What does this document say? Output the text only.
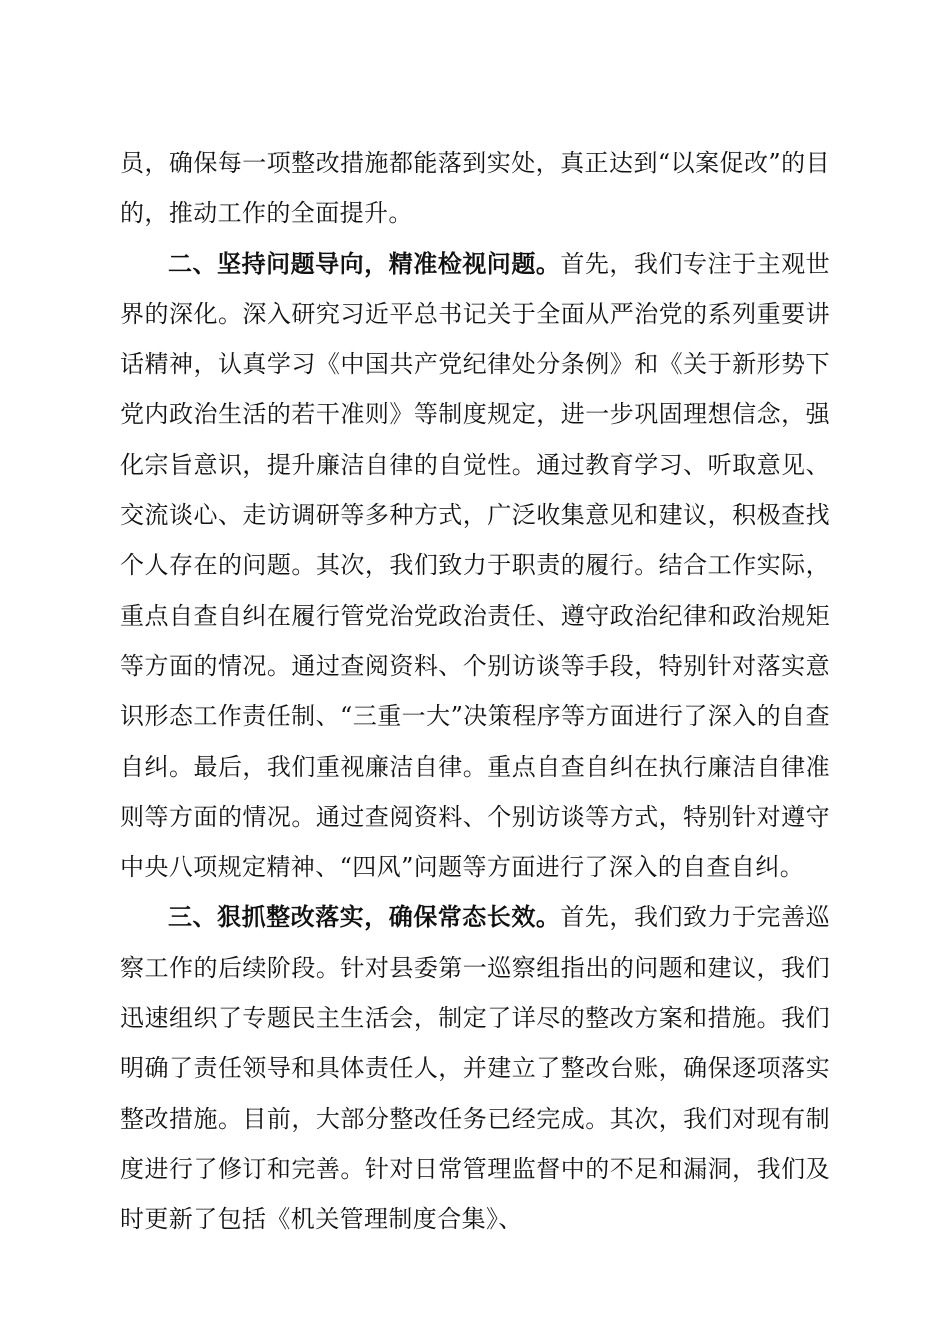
员，确保每一项整改措施都能落到实处，真正达到“以案促改”的目的，推动工作的全面提升。

二、坚持问题导向，精准检视问题。首先，我们专注于主观世界的深化。深入研究习近平总书记关于全面从严治党的系列重要讲话精神，认真学习《中国共产党纪律处分条例》和《关于新形势下党内政治生活的若干准则》等制度规定，进一步巩固理想信念，强化宗旨意识，提升廉洁自律的自觉性。通过教育学习、听取意见、交流谈心、走访调研等多种方式，广泛收集意见和建议，积极查找个人存在的问题。其次，我们致力于职责的履行。结合工作实际，重点自查自纠在履行管党治党政治责任、遵守政治纪律和政治规矩等方面的情况。通过查阅资料、个别访谈等手段，特别针对落实意识形态工作责任制、“三重一大”决策程序等方面进行了深入的自查自纠。最后，我们重视廉洁自律。重点自查自纠在执行廉洁自律准则等方面的情况。通过查阅资料、个别访谈等方式，特别针对遵守中央八项规定精神、“四风”问题等方面进行了深入的自查自纠。

三、狠抓整改落实，确保常态长效。首先，我们致力于完善巡察工作的后续阶段。针对县委第一巡察组指出的问题和建议，我们迅速组织了专题民主生活会，制定了详尽的整改方案和措施。我们明确了责任领导和具体责任人，并建立了整改台账，确保逐项落实整改措施。目前，大部分整改任务已经完成。其次，我们对现有制度进行了修订和完善。针对日常管理监督中的不足和漏洞，我们及时更新了包括《机关管理制度合集》、
